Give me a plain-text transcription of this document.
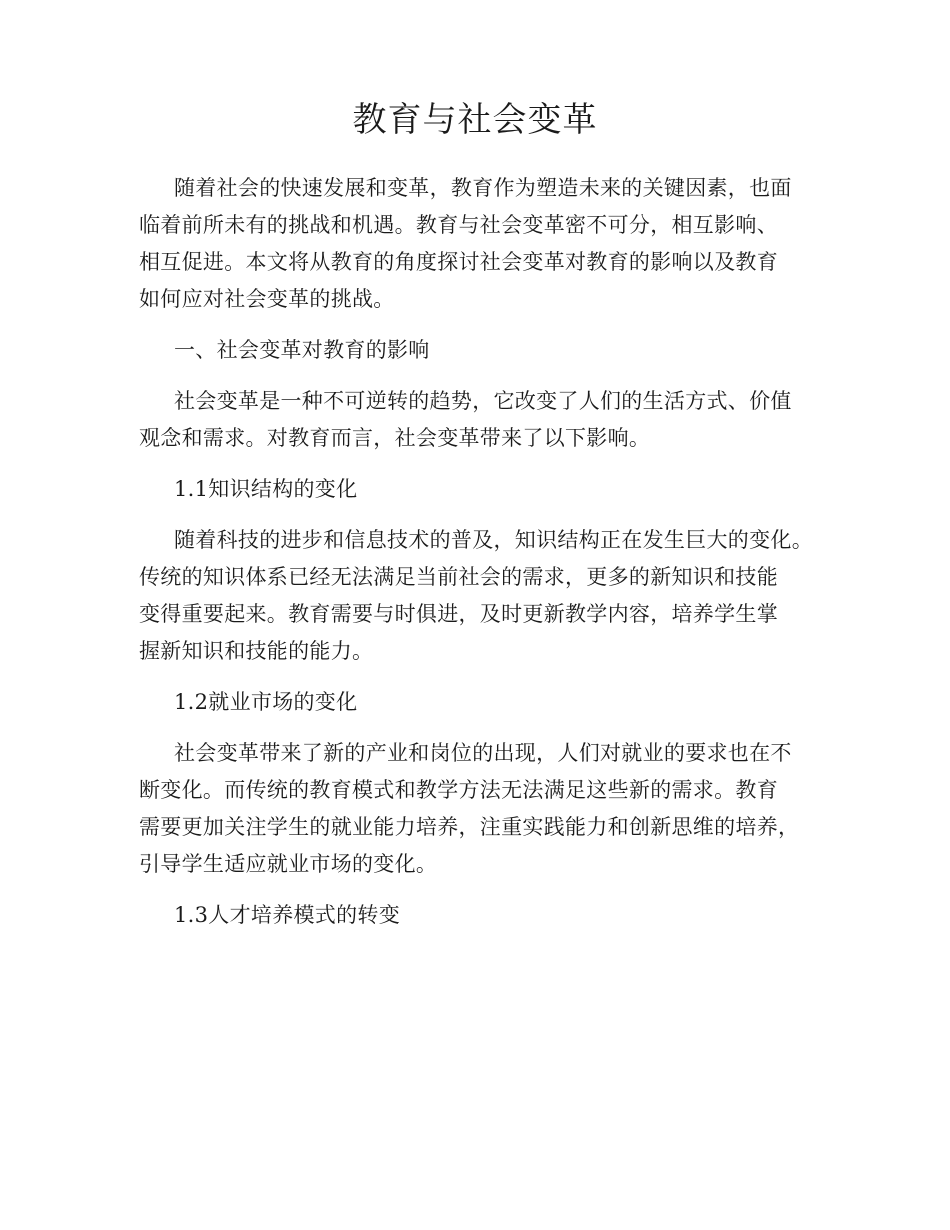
教育与社会变革
随着社会的快速发展和变革，教育作为塑造未来的关键因素，也面
临着前所未有的挑战和机遇。教育与社会变革密不可分，相互影响、
相互促进。本文将从教育的角度探讨社会变革对教育的影响以及教育
如何应对社会变革的挑战。
一、社会变革对教育的影响
社会变革是一种不可逆转的趋势，它改变了人们的生活方式、价值
观念和需求。对教育而言，社会变革带来了以下影响。
1.1知识结构的变化
随着科技的进步和信息技术的普及，知识结构正在发生巨大的变化。
传统的知识体系已经无法满足当前社会的需求，更多的新知识和技能
变得重要起来。教育需要与时俱进，及时更新教学内容，培养学生掌
握新知识和技能的能力。
1.2就业市场的变化
社会变革带来了新的产业和岗位的出现，人们对就业的要求也在不
断变化。而传统的教育模式和教学方法无法满足这些新的需求。教育
需要更加关注学生的就业能力培养，注重实践能力和创新思维的培养，
引导学生适应就业市场的变化。
1.3人才培养模式的转变
